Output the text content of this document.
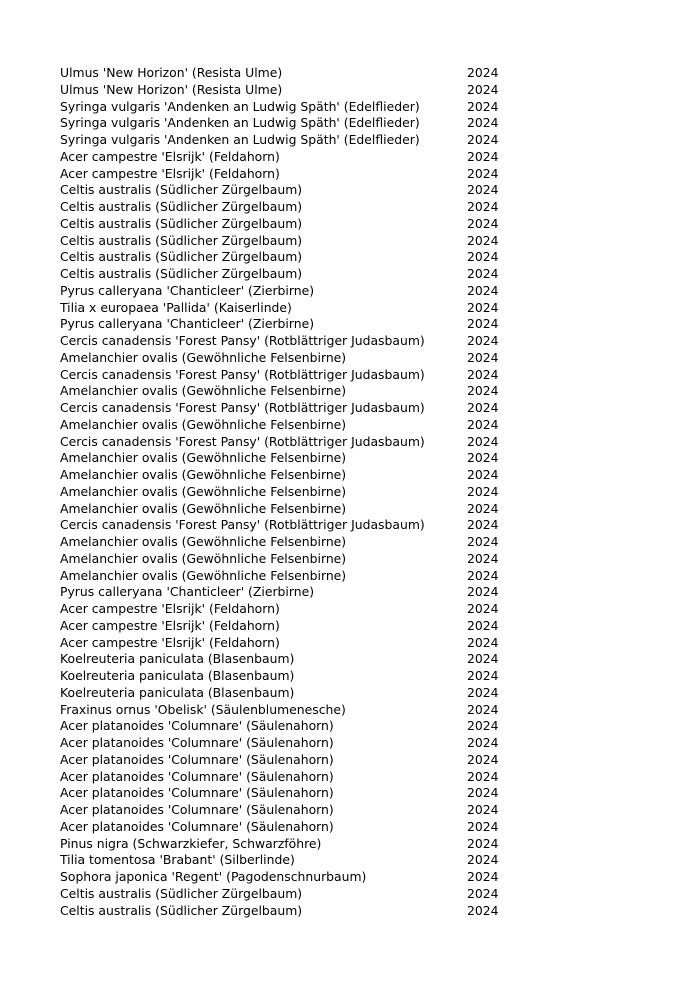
Ulmus 'New Horizon' (Resista Ulme)	2024
Ulmus 'New Horizon' (Resista Ulme)	2024
Syringa vulgaris 'Andenken an Ludwig Späth' (Edelflieder)	2024
Syringa vulgaris 'Andenken an Ludwig Späth' (Edelflieder)	2024
Syringa vulgaris 'Andenken an Ludwig Späth' (Edelflieder)	2024
Acer campestre 'Elsrijk' (Feldahorn)	2024
Acer campestre 'Elsrijk' (Feldahorn)	2024
Celtis australis (Südlicher Zürgelbaum)	2024
Celtis australis (Südlicher Zürgelbaum)	2024
Celtis australis (Südlicher Zürgelbaum)	2024
Celtis australis (Südlicher Zürgelbaum)	2024
Celtis australis (Südlicher Zürgelbaum)	2024
Celtis australis (Südlicher Zürgelbaum)	2024
Pyrus calleryana 'Chanticleer' (Zierbirne)	2024
Tilia x europaea 'Pallida' (Kaiserlinde)	2024
Pyrus calleryana 'Chanticleer' (Zierbirne)	2024
Cercis canadensis 'Forest Pansy' (Rotblättriger Judasbaum)	2024
Amelanchier ovalis (Gewöhnliche Felsenbirne)	2024
Cercis canadensis 'Forest Pansy' (Rotblättriger Judasbaum)	2024
Amelanchier ovalis (Gewöhnliche Felsenbirne)	2024
Cercis canadensis 'Forest Pansy' (Rotblättriger Judasbaum)	2024
Amelanchier ovalis (Gewöhnliche Felsenbirne)	2024
Cercis canadensis 'Forest Pansy' (Rotblättriger Judasbaum)	2024
Amelanchier ovalis (Gewöhnliche Felsenbirne)	2024
Amelanchier ovalis (Gewöhnliche Felsenbirne)	2024
Amelanchier ovalis (Gewöhnliche Felsenbirne)	2024
Amelanchier ovalis (Gewöhnliche Felsenbirne)	2024
Cercis canadensis 'Forest Pansy' (Rotblättriger Judasbaum)	2024
Amelanchier ovalis (Gewöhnliche Felsenbirne)	2024
Amelanchier ovalis (Gewöhnliche Felsenbirne)	2024
Amelanchier ovalis (Gewöhnliche Felsenbirne)	2024
Pyrus calleryana 'Chanticleer' (Zierbirne)	2024
Acer campestre 'Elsrijk' (Feldahorn)	2024
Acer campestre 'Elsrijk' (Feldahorn)	2024
Acer campestre 'Elsrijk' (Feldahorn)	2024
Koelreuteria paniculata (Blasenbaum)	2024
Koelreuteria paniculata (Blasenbaum)	2024
Koelreuteria paniculata (Blasenbaum)	2024
Fraxinus ornus 'Obelisk' (Säulenblumenesche)	2024
Acer platanoides 'Columnare' (Säulenahorn)	2024
Acer platanoides 'Columnare' (Säulenahorn)	2024
Acer platanoides 'Columnare' (Säulenahorn)	2024
Acer platanoides 'Columnare' (Säulenahorn)	2024
Acer platanoides 'Columnare' (Säulenahorn)	2024
Acer platanoides 'Columnare' (Säulenahorn)	2024
Acer platanoides 'Columnare' (Säulenahorn)	2024
Pinus nigra (Schwarzkiefer, Schwarzföhre)	2024
Tilia tomentosa 'Brabant' (Silberlinde)	2024
Sophora japonica 'Regent' (Pagodenschnurbaum)	2024
Celtis australis (Südlicher Zürgelbaum)	2024
Celtis australis (Südlicher Zürgelbaum)	2024
